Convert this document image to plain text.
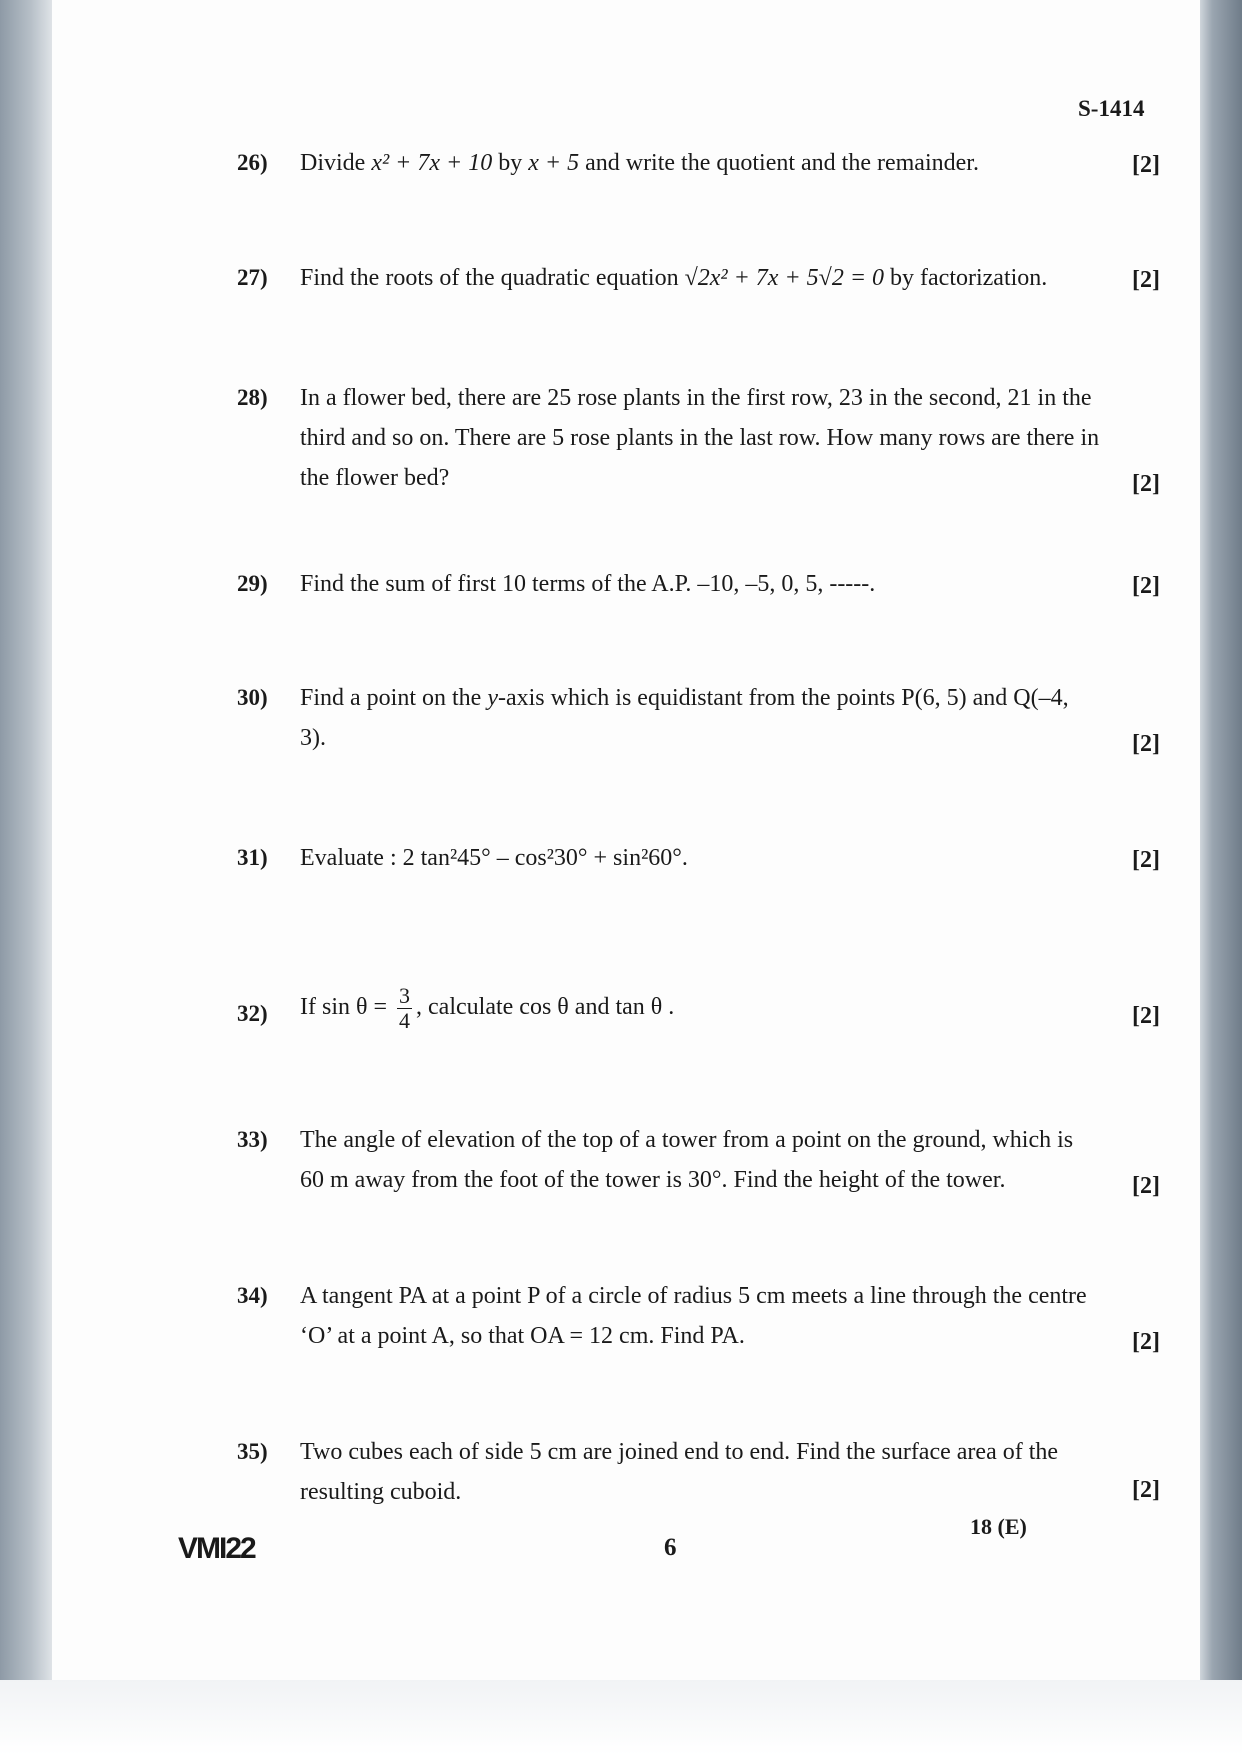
S-1414
26) Divide x² + 7x + 10 by x + 5 and write the quotient and the remainder.	[2]
27) Find the roots of the quadratic equation √2x² + 7x + 5√2 = 0 by factorization.	[2]
28) In a flower bed, there are 25 rose plants in the first row, 23 in the second, 21 in the third and so on. There are 5 rose plants in the last row. How many rows are there in the flower bed?	[2]
29) Find the sum of first 10 terms of the A.P. –10, –5, 0, 5, -----.	[2]
30) Find a point on the y-axis which is equidistant from the points P(6, 5) and Q(–4, 3).	[2]
31) Evaluate : 2 tan²45° – cos²30° + sin²60°.	[2]
32) If $\sin \theta = \frac{3}{4}$ , calculate cos θ and tan θ .	[2]
33) The angle of elevation of the top of a tower from a point on the ground, which is 60 m away from the foot of the tower is 30°. Find the height of the tower.	[2]
34) A tangent PA at a point P of a circle of radius 5 cm meets a line through the centre ‘O’ at a point A, so that OA = 12 cm. Find PA.	[2]
35) Two cubes each of side 5 cm are joined end to end. Find the surface area of the resulting cuboid.	[2]
VMI22	6
18 (E)
